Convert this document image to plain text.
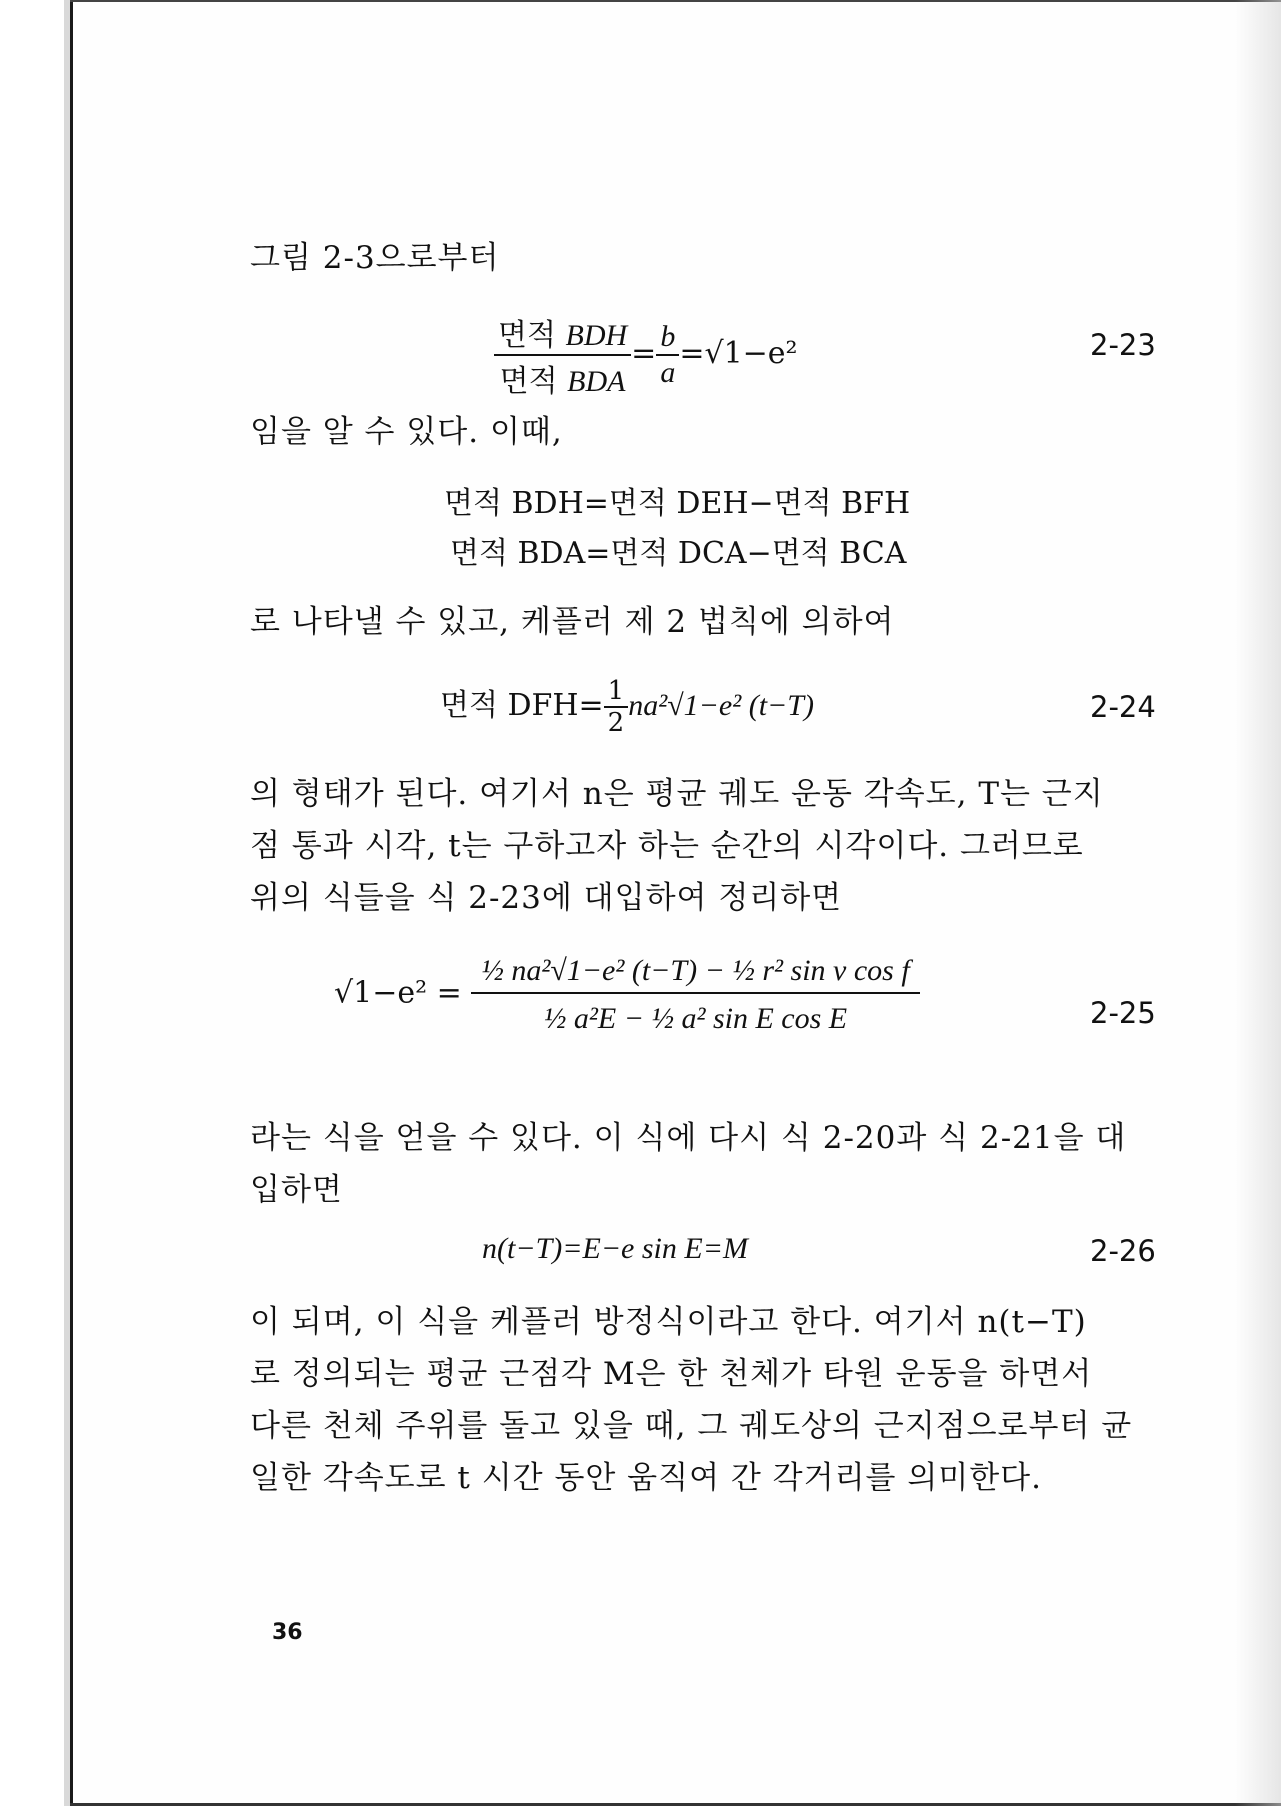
그림 2-3으로부터
$\frac{\text{면적 BDH}}{\text{면적 BDA}} = \frac{b}{a} =√1-e^2$	2-23
임을 알 수 있다. 이때,
면적 BDH=면적 DEH−면적 BFH
면적 BDA=면적 DCA−면적 BCA
로 나타낼 수 있고, 케플러 제 2 법칙에 의하여
면적 $DFH= \frac{1}{2} na^2√1-e^2$ (t−T)	2-24
의 형태가 된다. 여기서 n은 평균 궤도 운동 각속도, T는 근지
점 통과 시각, t는 구하고자 하는 순간의 시각이다. 그러므로
위의 식들을 식 2-23에 대입하여 정리하면
$√1-e^2 = \frac{\text{½ na²√1−e² (t−T) − ½ r² sin ν cos f}}{\text{½ a²E − ½ a² sin E cos E}}$	2-25
라는 식을 얻을 수 있다. 이 식에 다시 식 2-20과 식 2-21을 대
입하면
n(t−T)=E−e sin E=M	2-26
이 되며, 이 식을 케플러 방정식이라고 한다. 여기서 n(t−T)
로 정의되는 평균 근점각 M은 한 천체가 타원 운동을 하면서
다른 천체 주위를 돌고 있을 때, 그 궤도상의 근지점으로부터 균
일한 각속도로 t 시간 동안 움직여 간 각거리를 의미한다.
36
